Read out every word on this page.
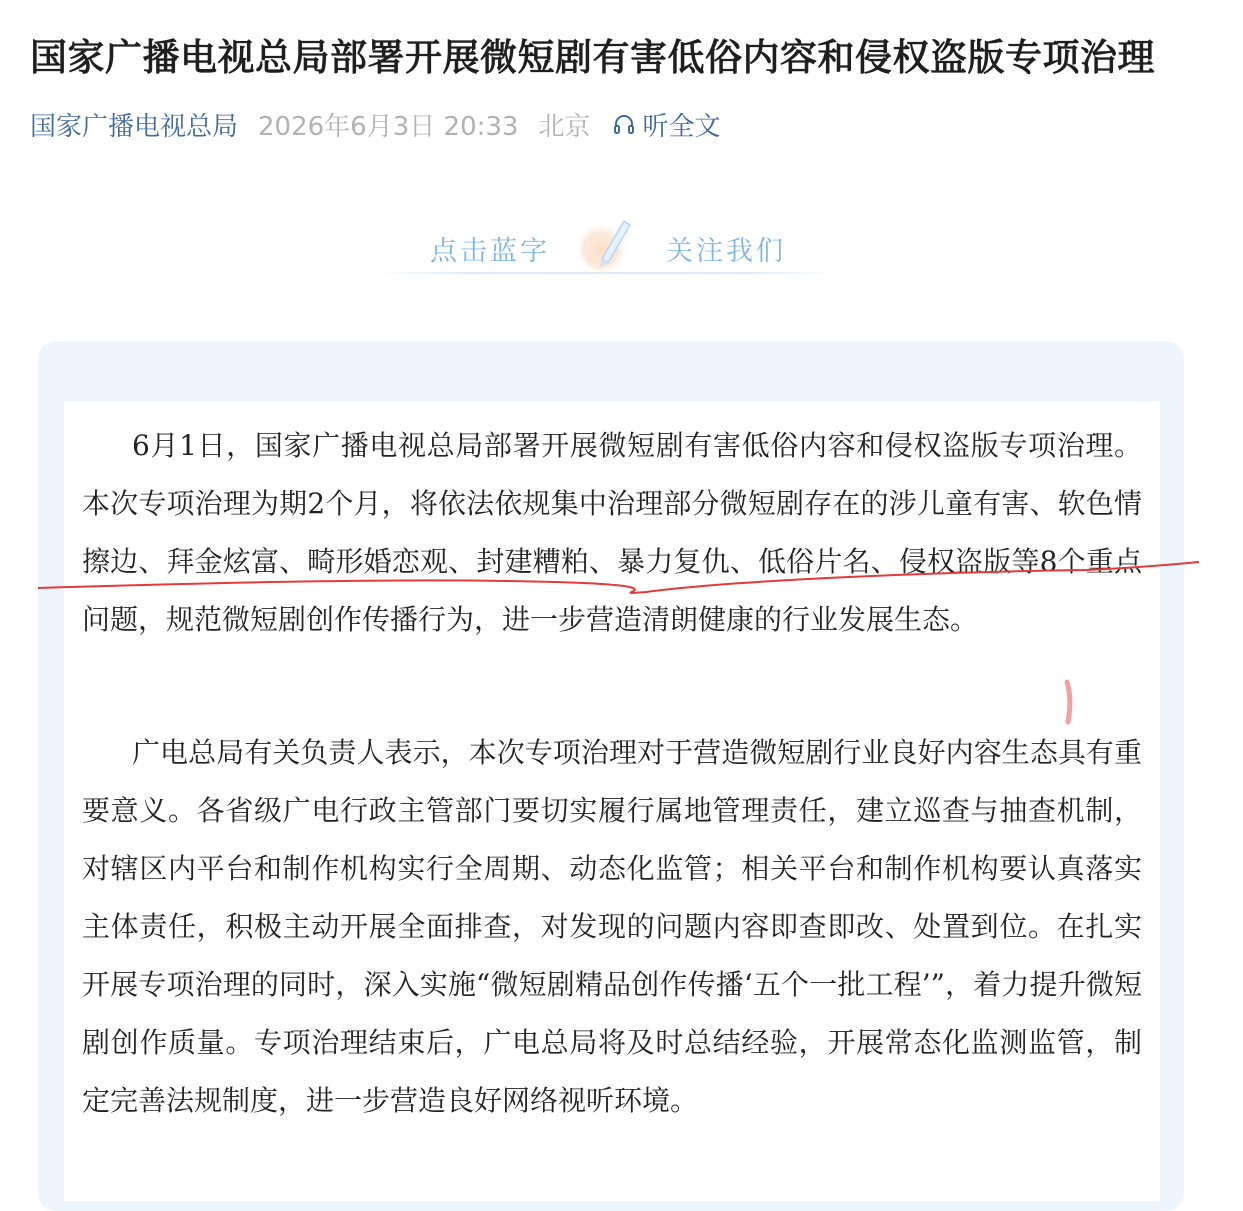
国家广播电视总局部署开展微短剧有害低俗内容和侵权盗版专项治理
国家广播电视总局 2026年6月3日 20:33 北京 听全文
点击蓝字	关注我们

6月1日，国家广播电视总局部署开展微短剧有害低俗内容和侵权盗版专项治理。本次专项治理为期2个月，将依法依规集中治理部分微短剧存在的涉儿童有害、软色情擦边、拜金炫富、畸形婚恋观、封建糟粕、暴力复仇、低俗片名、侵权盗版等8个重点问题，规范微短剧创作传播行为，进一步营造清朗健康的行业发展生态。

广电总局有关负责人表示，本次专项治理对于营造微短剧行业良好内容生态具有重要意义。各省级广电行政主管部门要切实履行属地管理责任，建立巡查与抽查机制，对辖区内平台和制作机构实行全周期、动态化监管；相关平台和制作机构要认真落实主体责任，积极主动开展全面排查，对发现的问题内容即查即改、处置到位。在扎实开展专项治理的同时，深入实施“微短剧精品创作传播‘五个一批工程’”，着力提升微短剧创作质量。专项治理结束后，广电总局将及时总结经验，开展常态化监测监管，制定完善法规制度，进一步营造良好网络视听环境。
